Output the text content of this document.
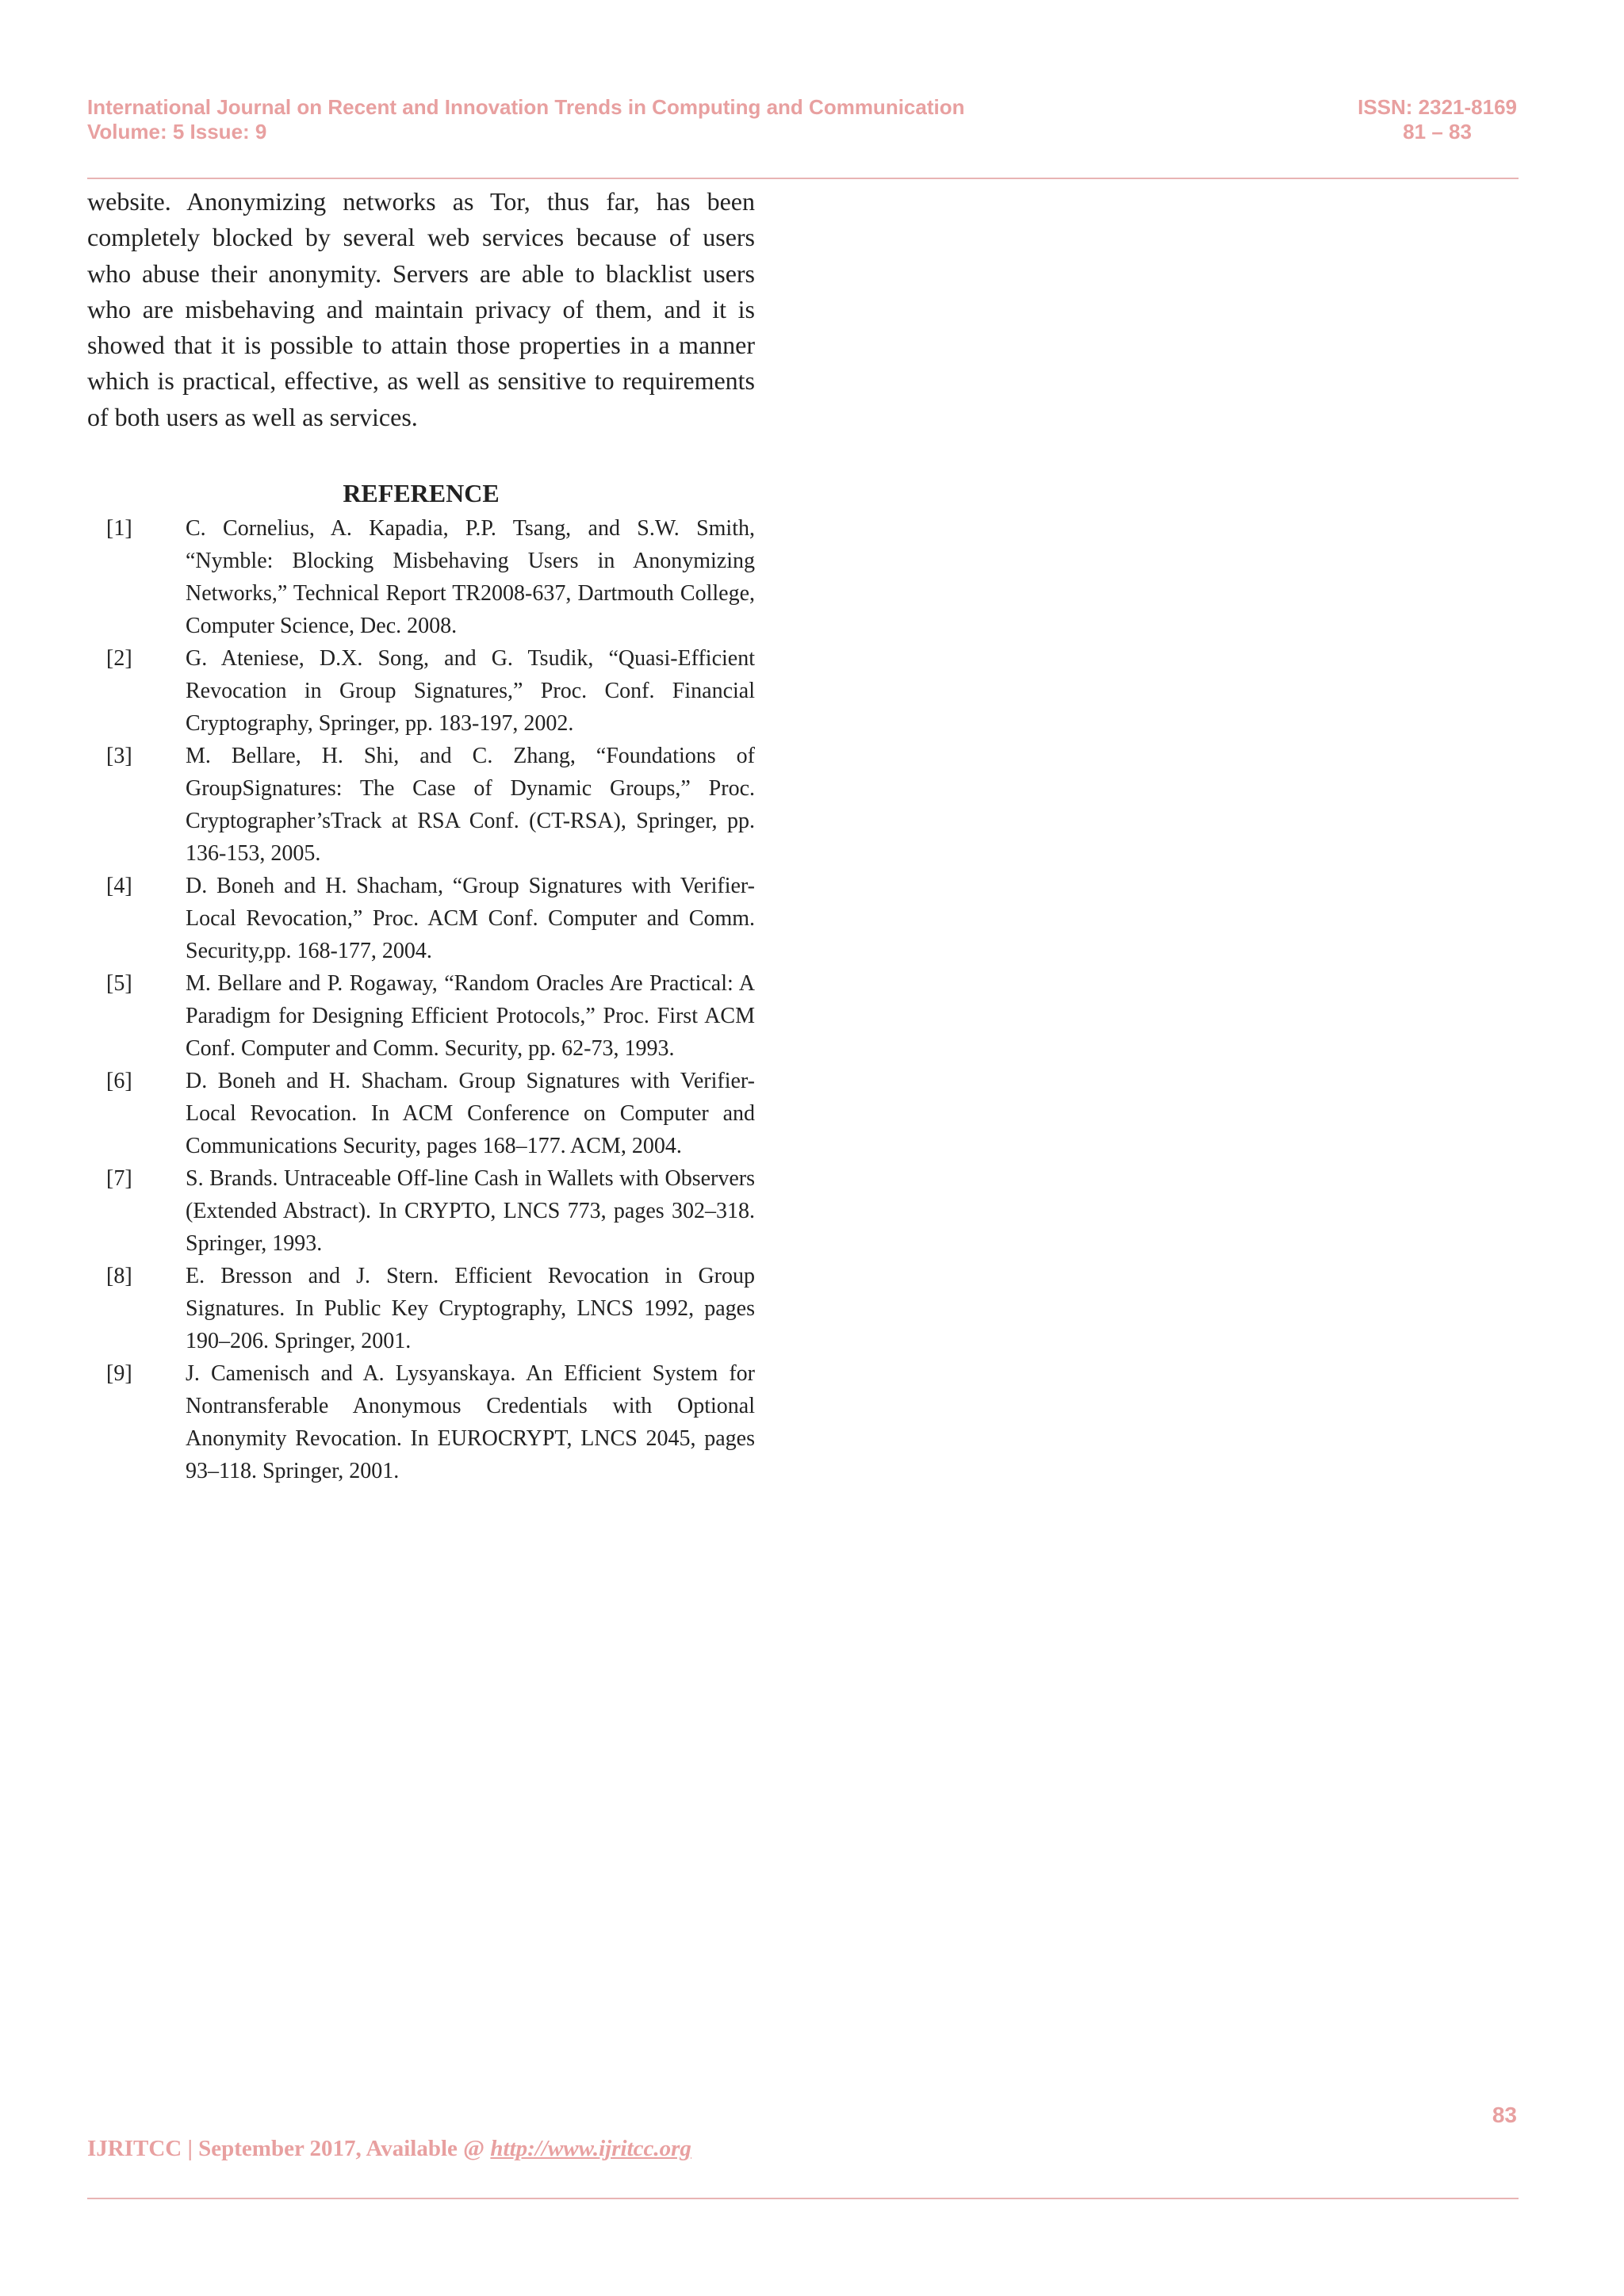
International Journal on Recent and Innovation Trends in Computing and Communication
Volume: 5 Issue: 9
ISSN: 2321-8169
81 – 83

website. Anonymizing networks as Tor, thus far, has been completely blocked by several web services because of users who abuse their anonymity. Servers are able to blacklist users who are misbehaving and maintain privacy of them, and it is showed that it is possible to attain those properties in a manner which is practical, effective, as well as sensitive to requirements of both users as well as services.

REFERENCE
[1]	C. Cornelius, A. Kapadia, P.P. Tsang, and S.W. Smith, “Nymble: Blocking Misbehaving Users in Anonymizing Networks,” Technical Report TR2008-637, Dartmouth College, Computer Science, Dec. 2008.
[2]	G. Ateniese, D.X. Song, and G. Tsudik, “Quasi-Efficient Revocation in Group Signatures,” Proc. Conf. Financial Cryptography, Springer, pp. 183-197, 2002.
[3]	M. Bellare, H. Shi, and C. Zhang, “Foundations of GroupSignatures: The Case of Dynamic Groups,” Proc. Cryptographer’sTrack at RSA Conf. (CT-RSA), Springer, pp. 136-153, 2005.
[4]	D. Boneh and H. Shacham, “Group Signatures with Verifier-Local Revocation,” Proc. ACM Conf. Computer and Comm. Security,pp. 168-177, 2004.
[5]	M. Bellare and P. Rogaway, “Random Oracles Are Practical: A Paradigm for Designing Efficient Protocols,” Proc. First ACM Conf. Computer and Comm. Security, pp. 62-73, 1993.
[6]	D. Boneh and H. Shacham. Group Signatures with Verifier-Local Revocation. In ACM Conference on Computer and Communications Security, pages 168–177. ACM, 2004.
[7]	S. Brands. Untraceable Off-line Cash in Wallets with Observers (Extended Abstract). In CRYPTO, LNCS 773, pages 302–318. Springer, 1993.
[8]	E. Bresson and J. Stern. Efficient Revocation in Group Signatures. In Public Key Cryptography, LNCS 1992, pages 190–206. Springer, 2001.
[9]	J. Camenisch and A. Lysyanskaya. An Efficient System for Nontransferable Anonymous Credentials with Optional Anonymity Revocation. In EUROCRYPT, LNCS 2045, pages 93–118. Springer, 2001.
83
IJRITCC | September 2017, Available @ http://www.ijritcc.org
